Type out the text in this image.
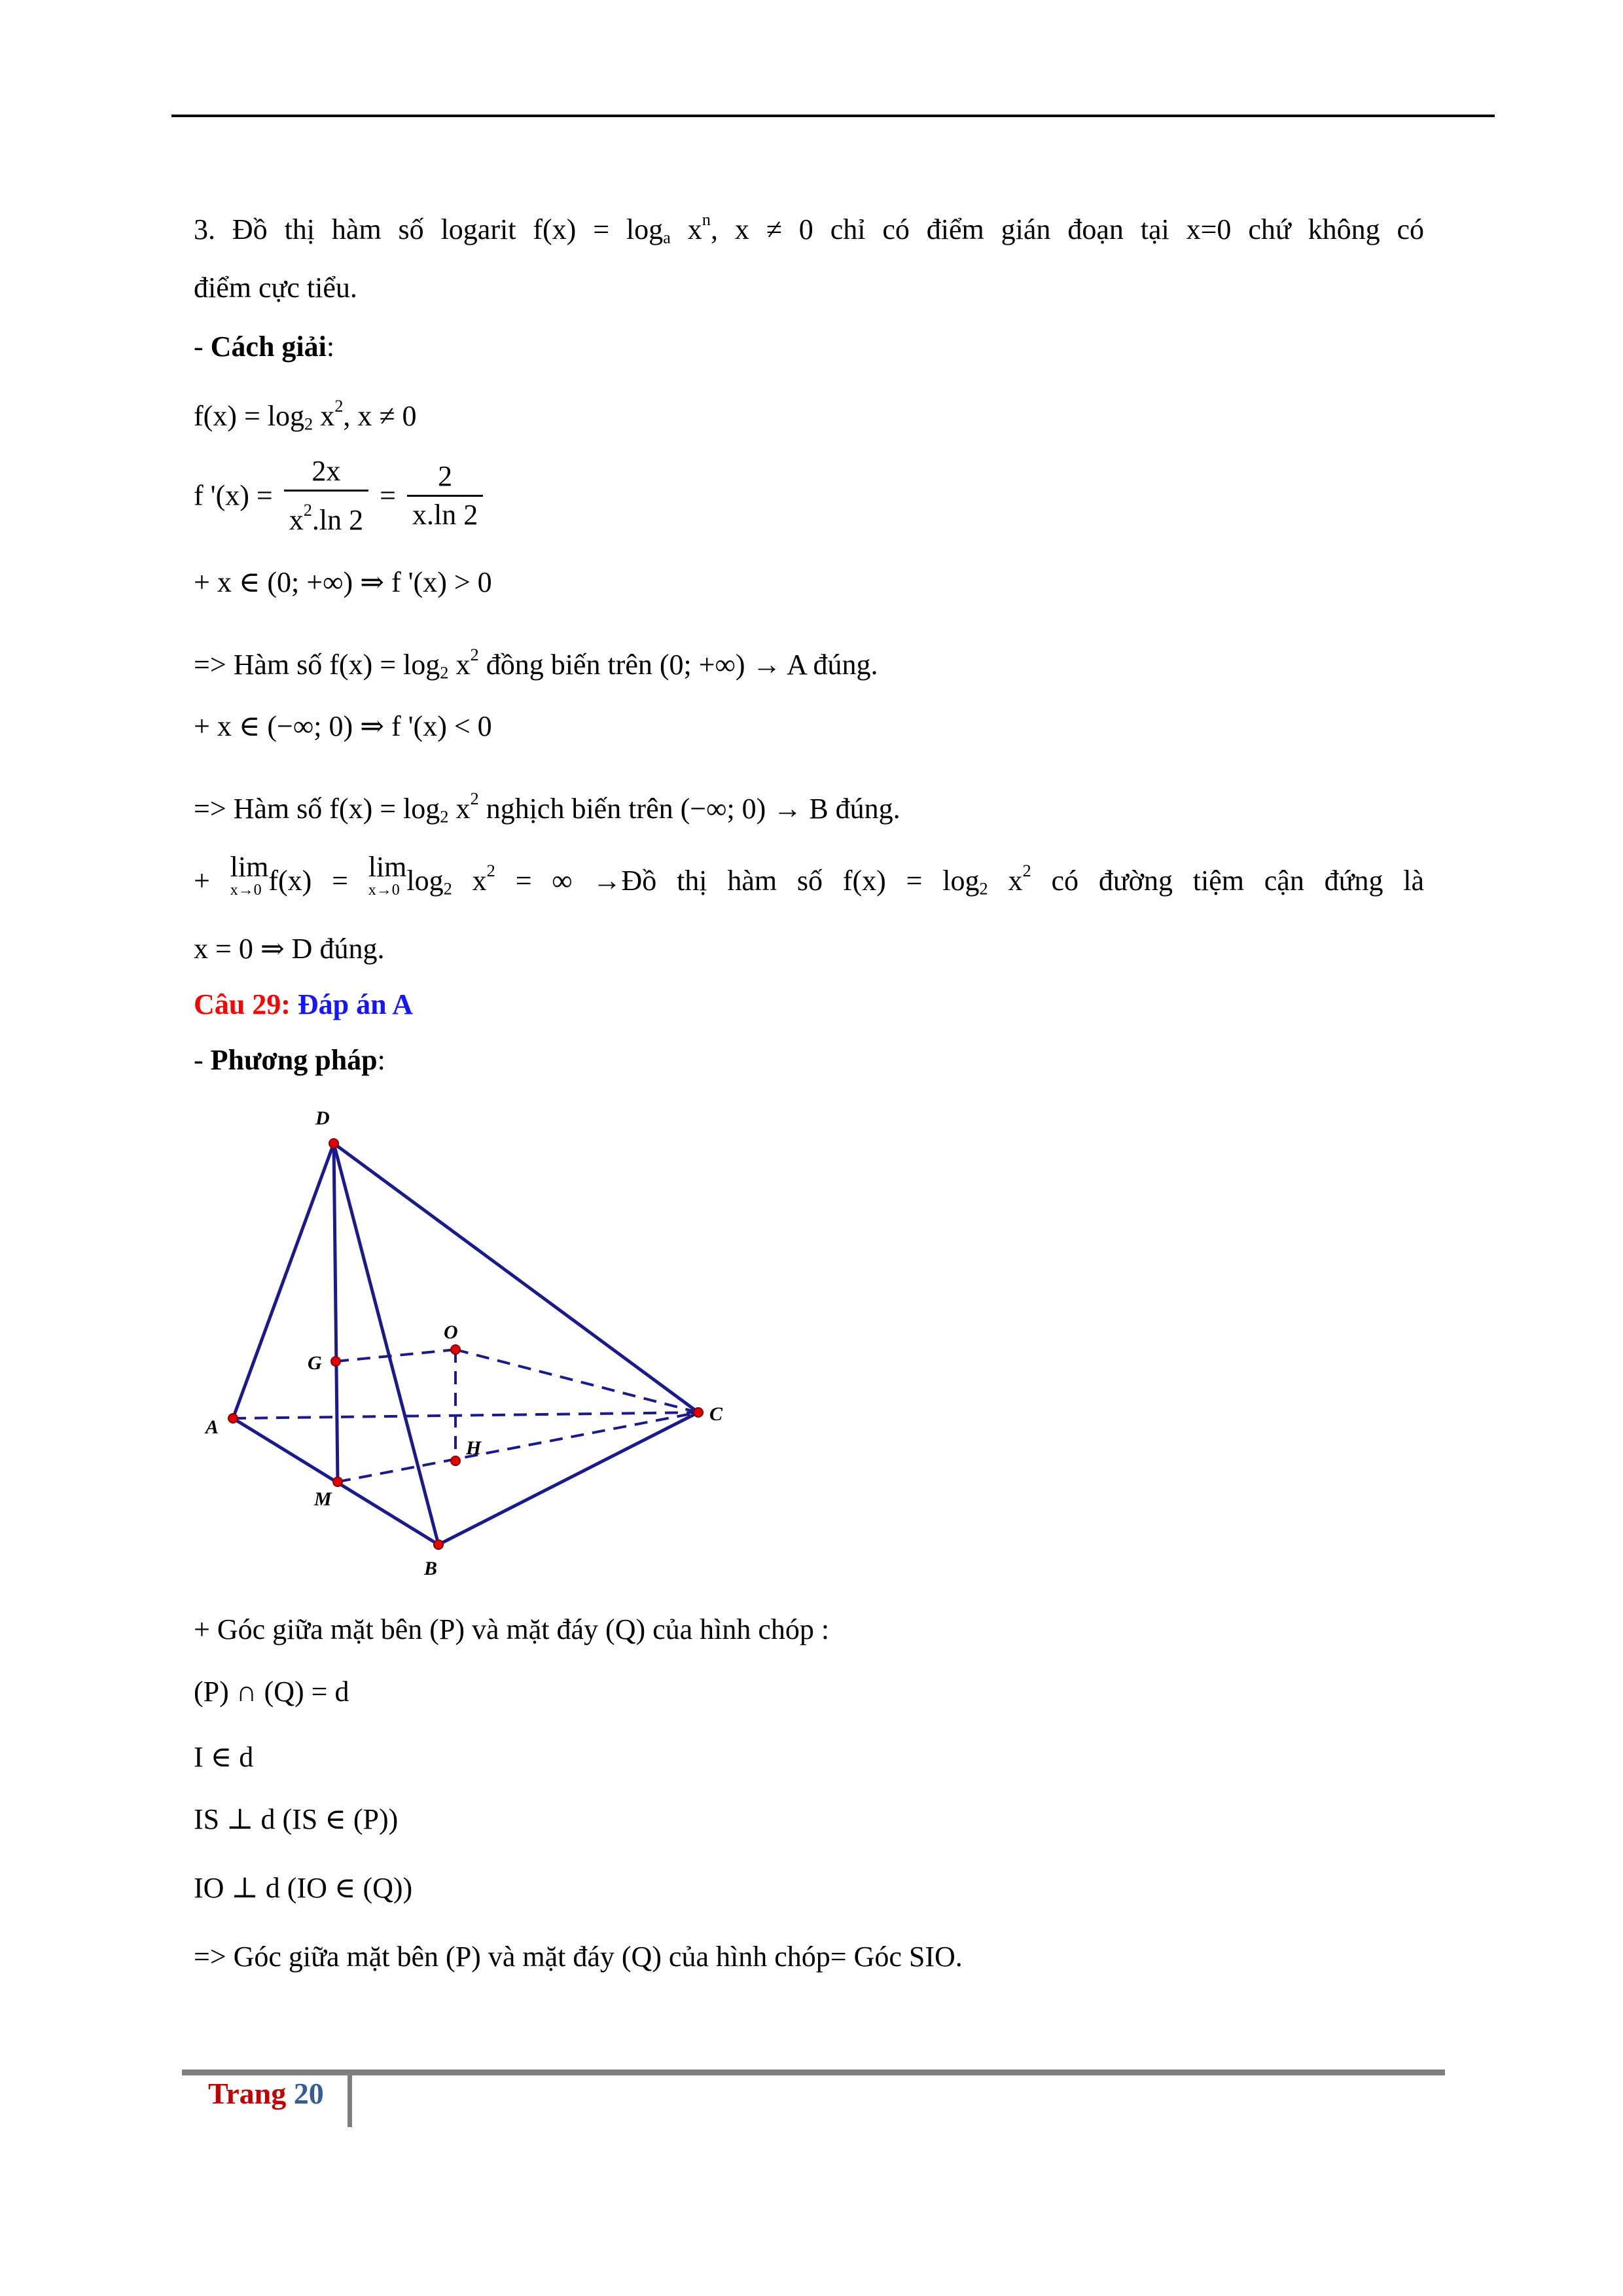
3. Đồ thị hàm số logarit $f(x) = \log_a x^n$, x ≠ 0 chỉ có điểm gián đoạn tại x=0 chứ không có
điểm cực tiểu.
- Cách giải:
$f(x) = \log_2 x^2$, x ≠ 0
f '$(x) = \frac{2x}{x^2.\ln 2} = \frac{2}{x.\ln 2}$
+ x ∈ (0; +∞) ⇒ f '(x) > 0
=> Hàm số $f(x) = \log_2 x^2$ đồng biến trên (0; +∞) → A đúng.
+ x ∈ (−∞; 0) ⇒ f '(x) < 0
=> Hàm số $f(x) = \log_2 x^2$ nghịch biến trên (−∞; 0) → B đúng.
+ lim
x→0 f(x) = lim
x→0 $\log_2 x^2$ = ∞ →Đồ thị hàm số $f(x) = \log_2 x^2$ có đường tiệm cận đứng là
x = 0 ⇒ D đúng.
Câu 29: Đáp án A
- Phương pháp:
D
O
G
A
C
H
M
B
+ Góc giữa mặt bên (P) và mặt đáy (Q) của hình chóp :
(P) ∩ (Q) = d
I ∈ d
IS ⊥ d (IS ∈ (P))
IO ⊥ d (IO ∈ (Q))
=> Góc giữa mặt bên (P) và mặt đáy (Q) của hình chóp= Góc SIO.
Trang 20
